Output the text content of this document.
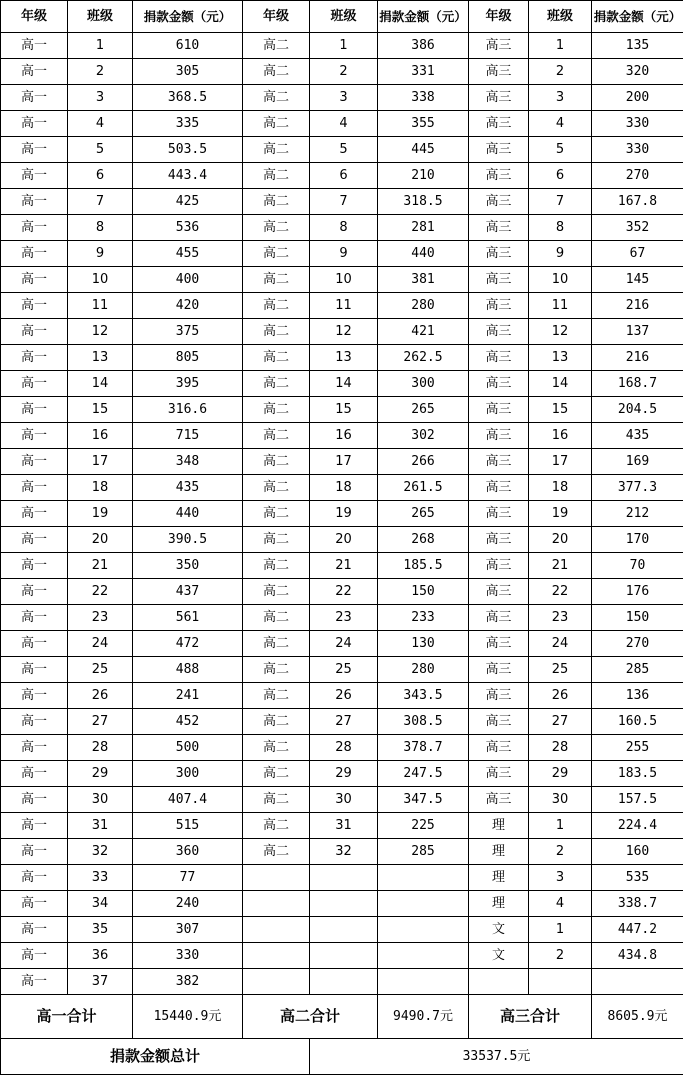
年级	班级	捐款金额（元）	年级	班级	捐款金额（元）	年级	班级	捐款金额（元）
高一	1	610	高二	1	386	高三	1	135
高一	2	305	高二	2	331	高三	2	320
高一	3	368.5	高二	3	338	高三	3	200
高一	4	335	高二	4	355	高三	4	330
高一	5	503.5	高二	5	445	高三	5	330
高一	6	443.4	高二	6	210	高三	6	270
高一	7	425	高二	7	318.5	高三	7	167.8
高一	8	536	高二	8	281	高三	8	352
高一	9	455	高二	9	440	高三	9	67
高一	10	400	高二	10	381	高三	10	145
高一	11	420	高二	11	280	高三	11	216
高一	12	375	高二	12	421	高三	12	137
高一	13	805	高二	13	262.5	高三	13	216
高一	14	395	高二	14	300	高三	14	168.7
高一	15	316.6	高二	15	265	高三	15	204.5
高一	16	715	高二	16	302	高三	16	435
高一	17	348	高二	17	266	高三	17	169
高一	18	435	高二	18	261.5	高三	18	377.3
高一	19	440	高二	19	265	高三	19	212
高一	20	390.5	高二	20	268	高三	20	170
高一	21	350	高二	21	185.5	高三	21	70
高一	22	437	高二	22	150	高三	22	176
高一	23	561	高二	23	233	高三	23	150
高一	24	472	高二	24	130	高三	24	270
高一	25	488	高二	25	280	高三	25	285
高一	26	241	高二	26	343.5	高三	26	136
高一	27	452	高二	27	308.5	高三	27	160.5
高一	28	500	高二	28	378.7	高三	28	255
高一	29	300	高二	29	247.5	高三	29	183.5
高一	30	407.4	高二	30	347.5	高三	30	157.5
高一	31	515	高二	31	225	理	1	224.4
高一	32	360	高二	32	285	理	2	160
高一	33	77				理	3	535
高一	34	240				理	4	338.7
高一	35	307				文	1	447.2
高一	36	330				文	2	434.8
高一	37	382						
高一合计		15440.9元	高二合计		9490.7元	高三合计		8605.9元
捐款金额总计				33537.5元				
